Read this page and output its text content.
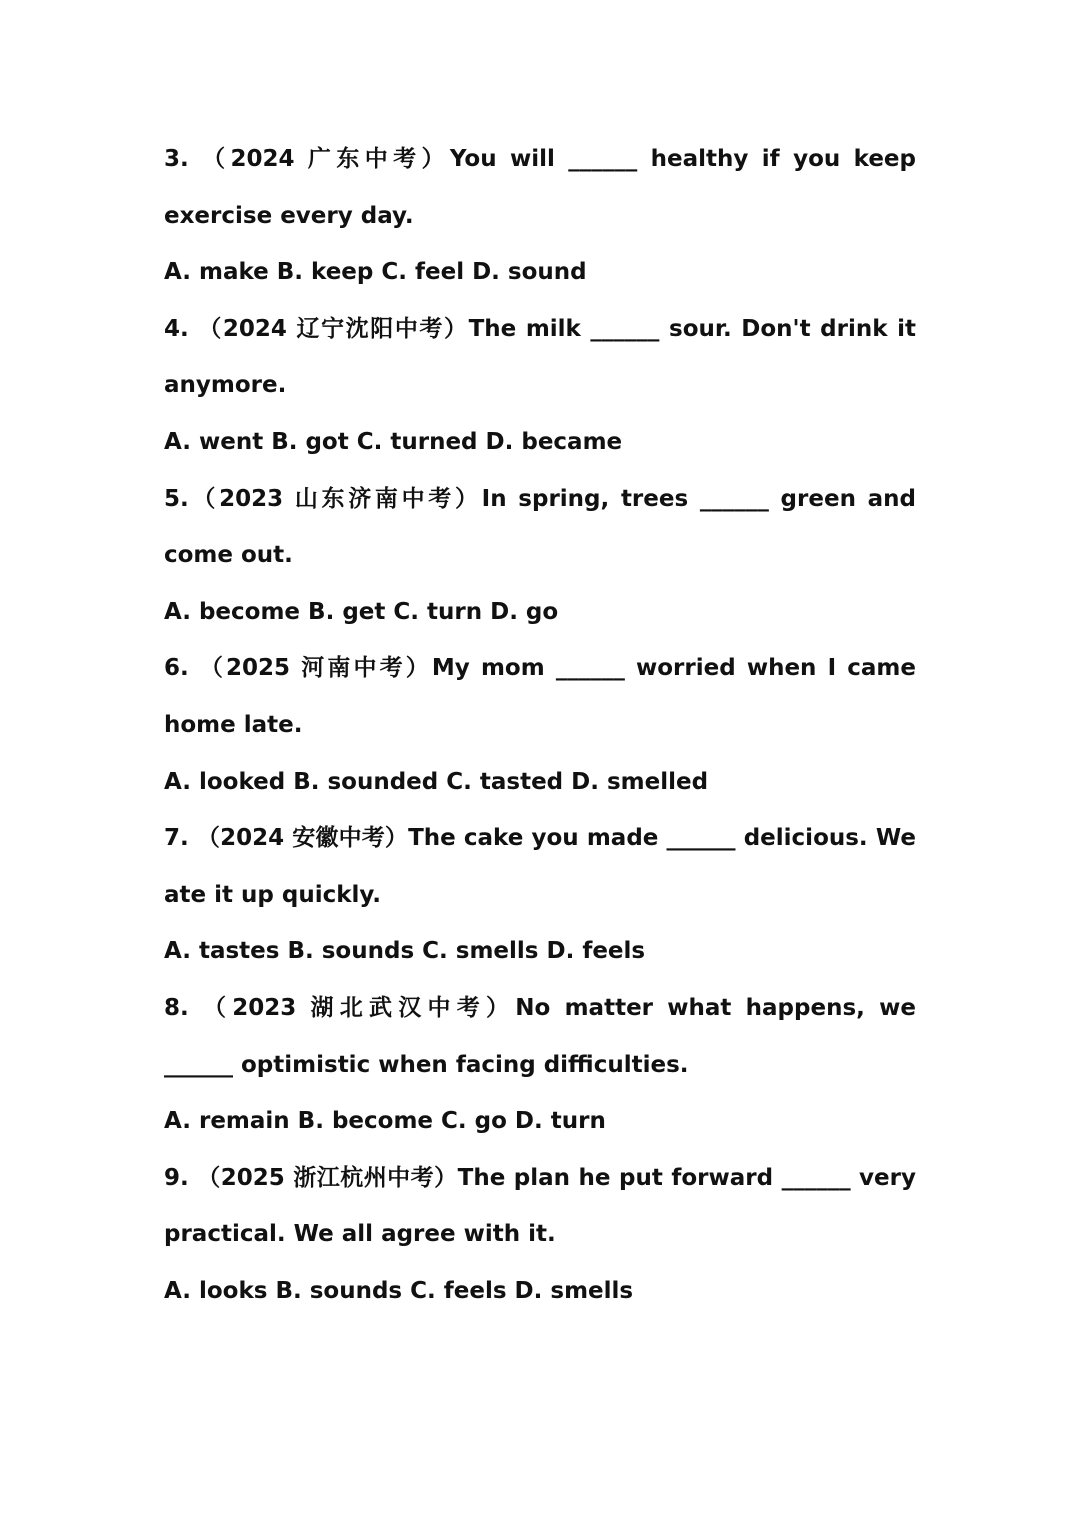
3. （2024 广东中考）You will ______ healthy if you keep
exercise every day.
A. make B. keep C. feel D. sound
4. （2024 辽宁沈阳中考）The milk ______ sour. Don't drink it
anymore.
A. went B. got C. turned D. became
5.（2023 山东济南中考）In spring, trees ______ green and
come out.
A. become B. get C. turn D. go
6. （2025 河南中考）My mom ______ worried when I came
home late.
A. looked B. sounded C. tasted D. smelled
7. （2024 安徽中考）The cake you made ______ delicious. We
ate it up quickly.
A. tastes B. sounds C. smells D. feels
8. （2023 湖北武汉中考）No matter what happens, we
______ optimistic when facing difficulties.
A. remain B. become C. go D. turn
9. （2025 浙江杭州中考）The plan he put forward ______ very
practical. We all agree with it.
A. looks B. sounds C. feels D. smells
